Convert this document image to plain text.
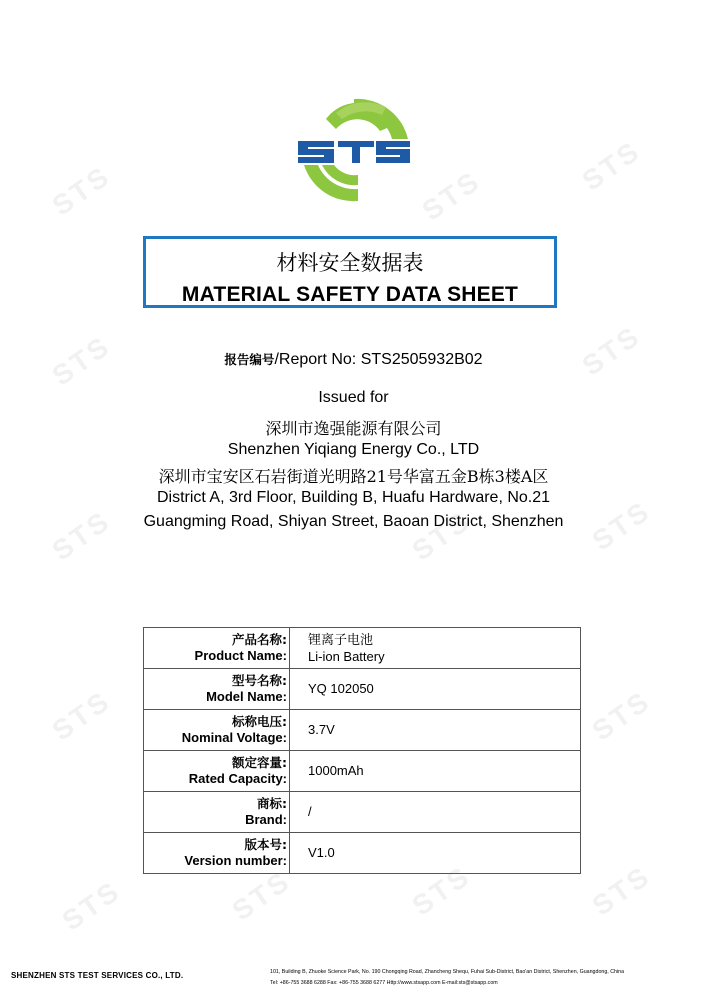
STS	STS	STS
STS	STS
STS	STS	STS
STS	STS
STS	STS	STS
STS
材料安全数据表
MATERIAL SAFETY DATA SHEET
报告编号/Report No: STS2505932B02
Issued for
深圳市逸强能源有限公司
Shenzhen Yiqiang Energy Co., LTD
深圳市宝安区石岩街道光明路21号华富五金B栋3楼A区
District A, 3rd Floor, Building B, Huafu Hardware, No.21
Guangming Road, Shiyan Street, Baoan District, Shenzhen
产品名称:
Product Name:	锂离子电池
Li-ion Battery
型号名称:
Model Name:	YQ 102050
标称电压:
Nominal Voltage:	3.7V
额定容量:
Rated Capacity:	1000mAh
商标:
Brand:	/
版本号:
Version number:	V1.0
SHENZHEN STS TEST SERVICES CO., LTD.	101, Building B, Zhuoke Science Park, No. 190 Chongqing Road, Zhancheng Shequ, Fuhai Sub-District, Bao'an District, Shenzhen, Guangdong, China
Tel: +86-755 3688 6288 Fax: +86-755 3688 6277 Http://www.stsapp.com E-mail:sts@stsapp.com
